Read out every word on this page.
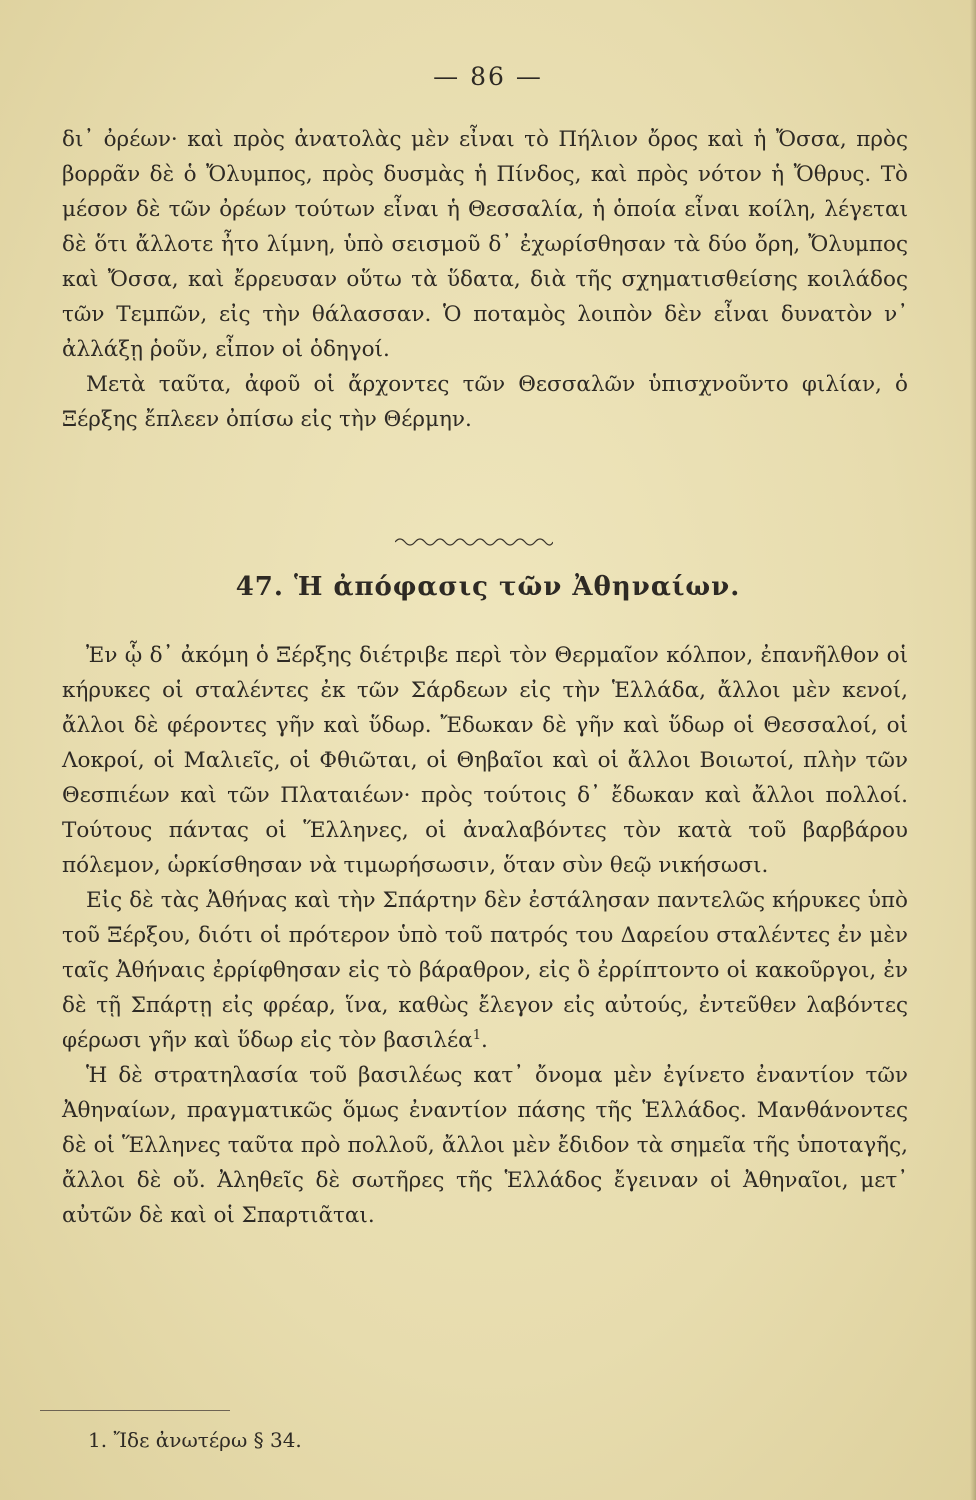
— 86 —

δι᾿ ὀρέων· καὶ πρὸς ἀνατολὰς μὲν εἶναι τὸ Πήλιον ὄρος καὶ ἡ Ὄσσα, πρὸς βορρᾶν δὲ ὁ Ὄλυμπος, πρὸς δυσμὰς ἡ Πίνδος, καὶ πρὸς νότον ἡ Ὄθρυς. Τὸ μέσον δὲ τῶν ὀρέων τούτων εἶναι ἡ Θεσσαλία, ἡ ὁποία εἶναι κοίλη, λέγεται δὲ ὅτι ἄλλοτε ἦτο λίμνη, ὑπὸ σεισμοῦ δ᾿ ἐχωρίσθησαν τὰ δύο ὄρη, Ὄλυμπος καὶ Ὄσσα, καὶ ἔρρευσαν οὕτω τὰ ὕδατα, διὰ τῆς σχηματισθείσης κοιλάδος τῶν Τεμπῶν, εἰς τὴν θάλασσαν. Ὁ ποταμὸς λοιπὸν δὲν εἶναι δυνατὸν ν᾿ ἀλλάξῃ ῥοῦν, εἶπον οἱ ὁδηγοί.

Μετὰ ταῦτα, ἀφοῦ οἱ ἄρχοντες τῶν Θεσσαλῶν ὑπισχνοῦντο φιλίαν, ὁ Ξέρξης ἔπλεεν ὀπίσω εἰς τὴν Θέρμην.

47. Ἡ ἀπόφασις τῶν Ἀθηναίων.

Ἐν ᾧ δ᾿ ἀκόμη ὁ Ξέρξης διέτριβε περὶ τὸν Θερμαῖον κόλπον, ἐπανῆλθον οἱ κήρυκες οἱ σταλέντες ἐκ τῶν Σάρδεων εἰς τὴν Ἑλλάδα, ἄλλοι μὲν κενοί, ἄλλοι δὲ φέροντες γῆν καὶ ὕδωρ. Ἔδωκαν δὲ γῆν καὶ ὕδωρ οἱ Θεσσαλοί, οἱ Λοκροί, οἱ Μαλιεῖς, οἱ Φθιῶται, οἱ Θηβαῖοι καὶ οἱ ἄλλοι Βοιωτοί, πλὴν τῶν Θεσπιέων καὶ τῶν Πλαταιέων· πρὸς τούτοις δ᾿ ἔδωκαν καὶ ἄλλοι πολλοί. Τούτους πάντας οἱ Ἕλληνες, οἱ ἀναλαβόντες τὸν κατὰ τοῦ βαρβάρου πόλεμον, ὡρκίσθησαν νὰ τιμωρήσωσιν, ὅταν σὺν θεῷ νικήσωσι.

Εἰς δὲ τὰς Ἀθήνας καὶ τὴν Σπάρτην δὲν ἐστάλησαν παντελῶς κήρυκες ὑπὸ τοῦ Ξέρξου, διότι οἱ πρότερον ὑπὸ τοῦ πατρός του Δαρείου σταλέντες ἐν μὲν ταῖς Ἀθήναις ἐρρίφθησαν εἰς τὸ βάραθρον, εἰς ὃ ἐρρίπτοντο οἱ κακοῦργοι, ἐν δὲ τῇ Σπάρτῃ εἰς φρέαρ, ἵνα, καθὼς ἔλεγον εἰς αὐτούς, ἐντεῦθεν λαβόντες φέρωσι γῆν καὶ ὕδωρ εἰς τὸν βασιλέα$^1$.

Ἡ δὲ στρατηλασία τοῦ βασιλέως κατ᾿ ὄνομα μὲν ἐγίνετο ἐναντίον τῶν Ἀθηναίων, πραγματικῶς ὅμως ἐναντίον πάσης τῆς Ἑλλάδος. Μανθάνοντες δὲ οἱ Ἕλληνες ταῦτα πρὸ πολλοῦ, ἄλλοι μὲν ἔδιδον τὰ σημεῖα τῆς ὑποταγῆς, ἄλλοι δὲ οὔ. Ἀληθεῖς δὲ σωτῆρες τῆς Ἑλλάδος ἔγειναν οἱ Ἀθηναῖοι, μετ᾿ αὐτῶν δὲ καὶ οἱ Σπαρτιᾶται.

1. Ἴδε ἀνωτέρω § 34.
